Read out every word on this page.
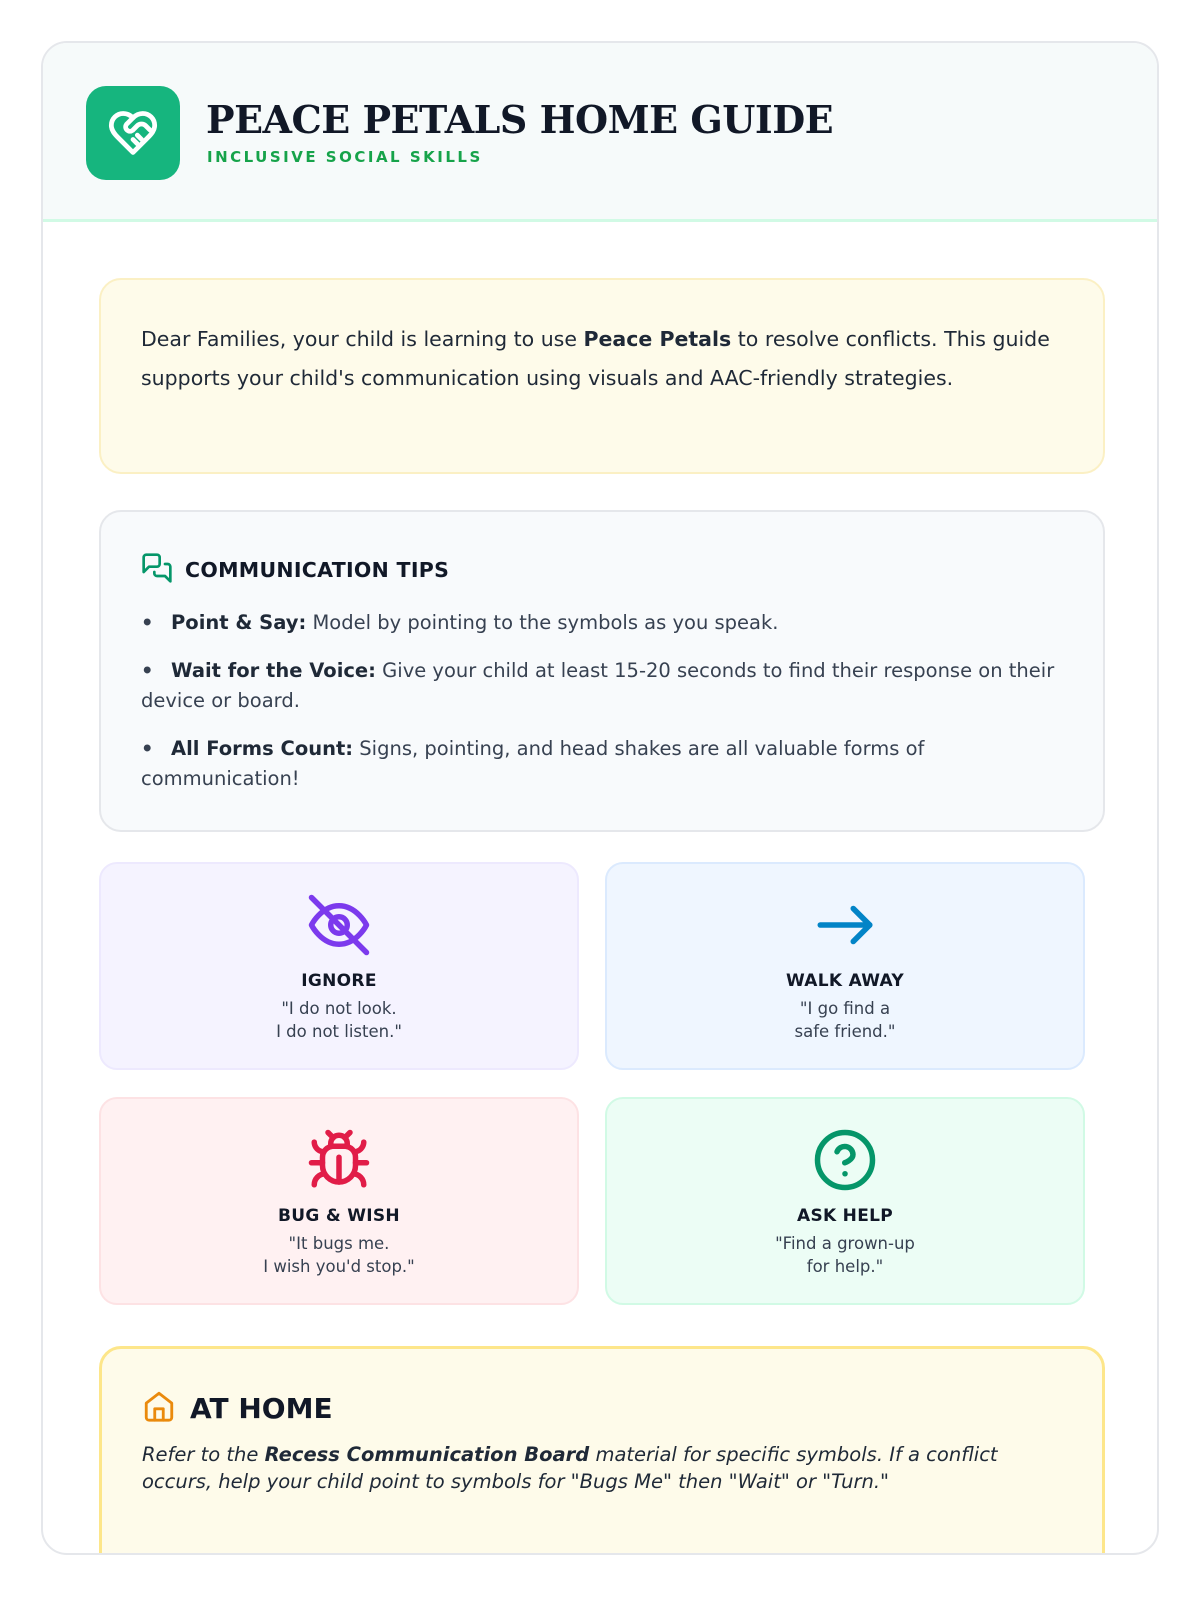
PEACE PETALS HOME GUIDE
INCLUSIVE SOCIAL SKILLS
Dear Families, your child is learning to use Peace Petals to resolve conflicts. This guide supports your child's communication using visuals and AAC-friendly strategies.
COMMUNICATION TIPS
• Point & Say: Model by pointing to the symbols as you speak.
• Wait for the Voice: Give your child at least 15-20 seconds to find their response on their device or board.
• All Forms Count: Signs, pointing, and head shakes are all valuable forms of communication!
IGNORE
"I do not look.
I do not listen."
WALK AWAY
"I go find a
safe friend."
BUG & WISH
"It bugs me.
I wish you'd stop."
ASK HELP
"Find a grown-up
for help."
AT HOME
Refer to the Recess Communication Board material for specific symbols. If a conflict occurs, help your child point to symbols for "Bugs Me" then "Wait" or "Turn."
